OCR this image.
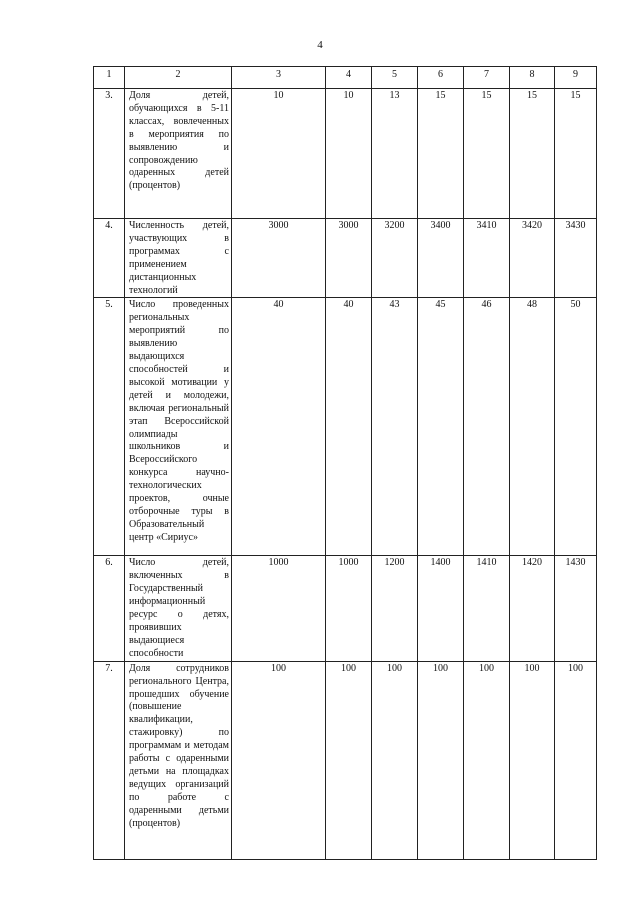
4
1	2	3	4	5	6	7	8	9
3.	Доля детей, обучающихся в 5-11 классах, вовлеченных в мероприятия по выявлению и сопровождению одаренных детей (процентов)	10	10	13	15	15	15	15
4.	Численность детей, участвующих в программах с применением дистанционных технологий	3000	3000	3200	3400	3410	3420	3430
5.	Число проведенных региональных мероприятий по выявлению выдающихся способностей и высокой мотивации у детей и молодежи, включая региональный этап Всероссийской олимпиады школьников и Всероссийского конкурса научно-технологических проектов, очные отборочные туры в Образовательный центр «Сириус»	40	40	43	45	46	48	50
6.	Число детей, включенных в Государственный информационный ресурс о детях, проявивших выдающиеся способности	1000	1000	1200	1400	1410	1420	1430
7.	Доля сотрудников регионального Центра, прошедших обучение (повышение квалификации, стажировку) по программам и методам работы с одаренными детьми на площадках ведущих организаций по работе с одаренными детьми (процентов)	100	100	100	100	100	100	100
